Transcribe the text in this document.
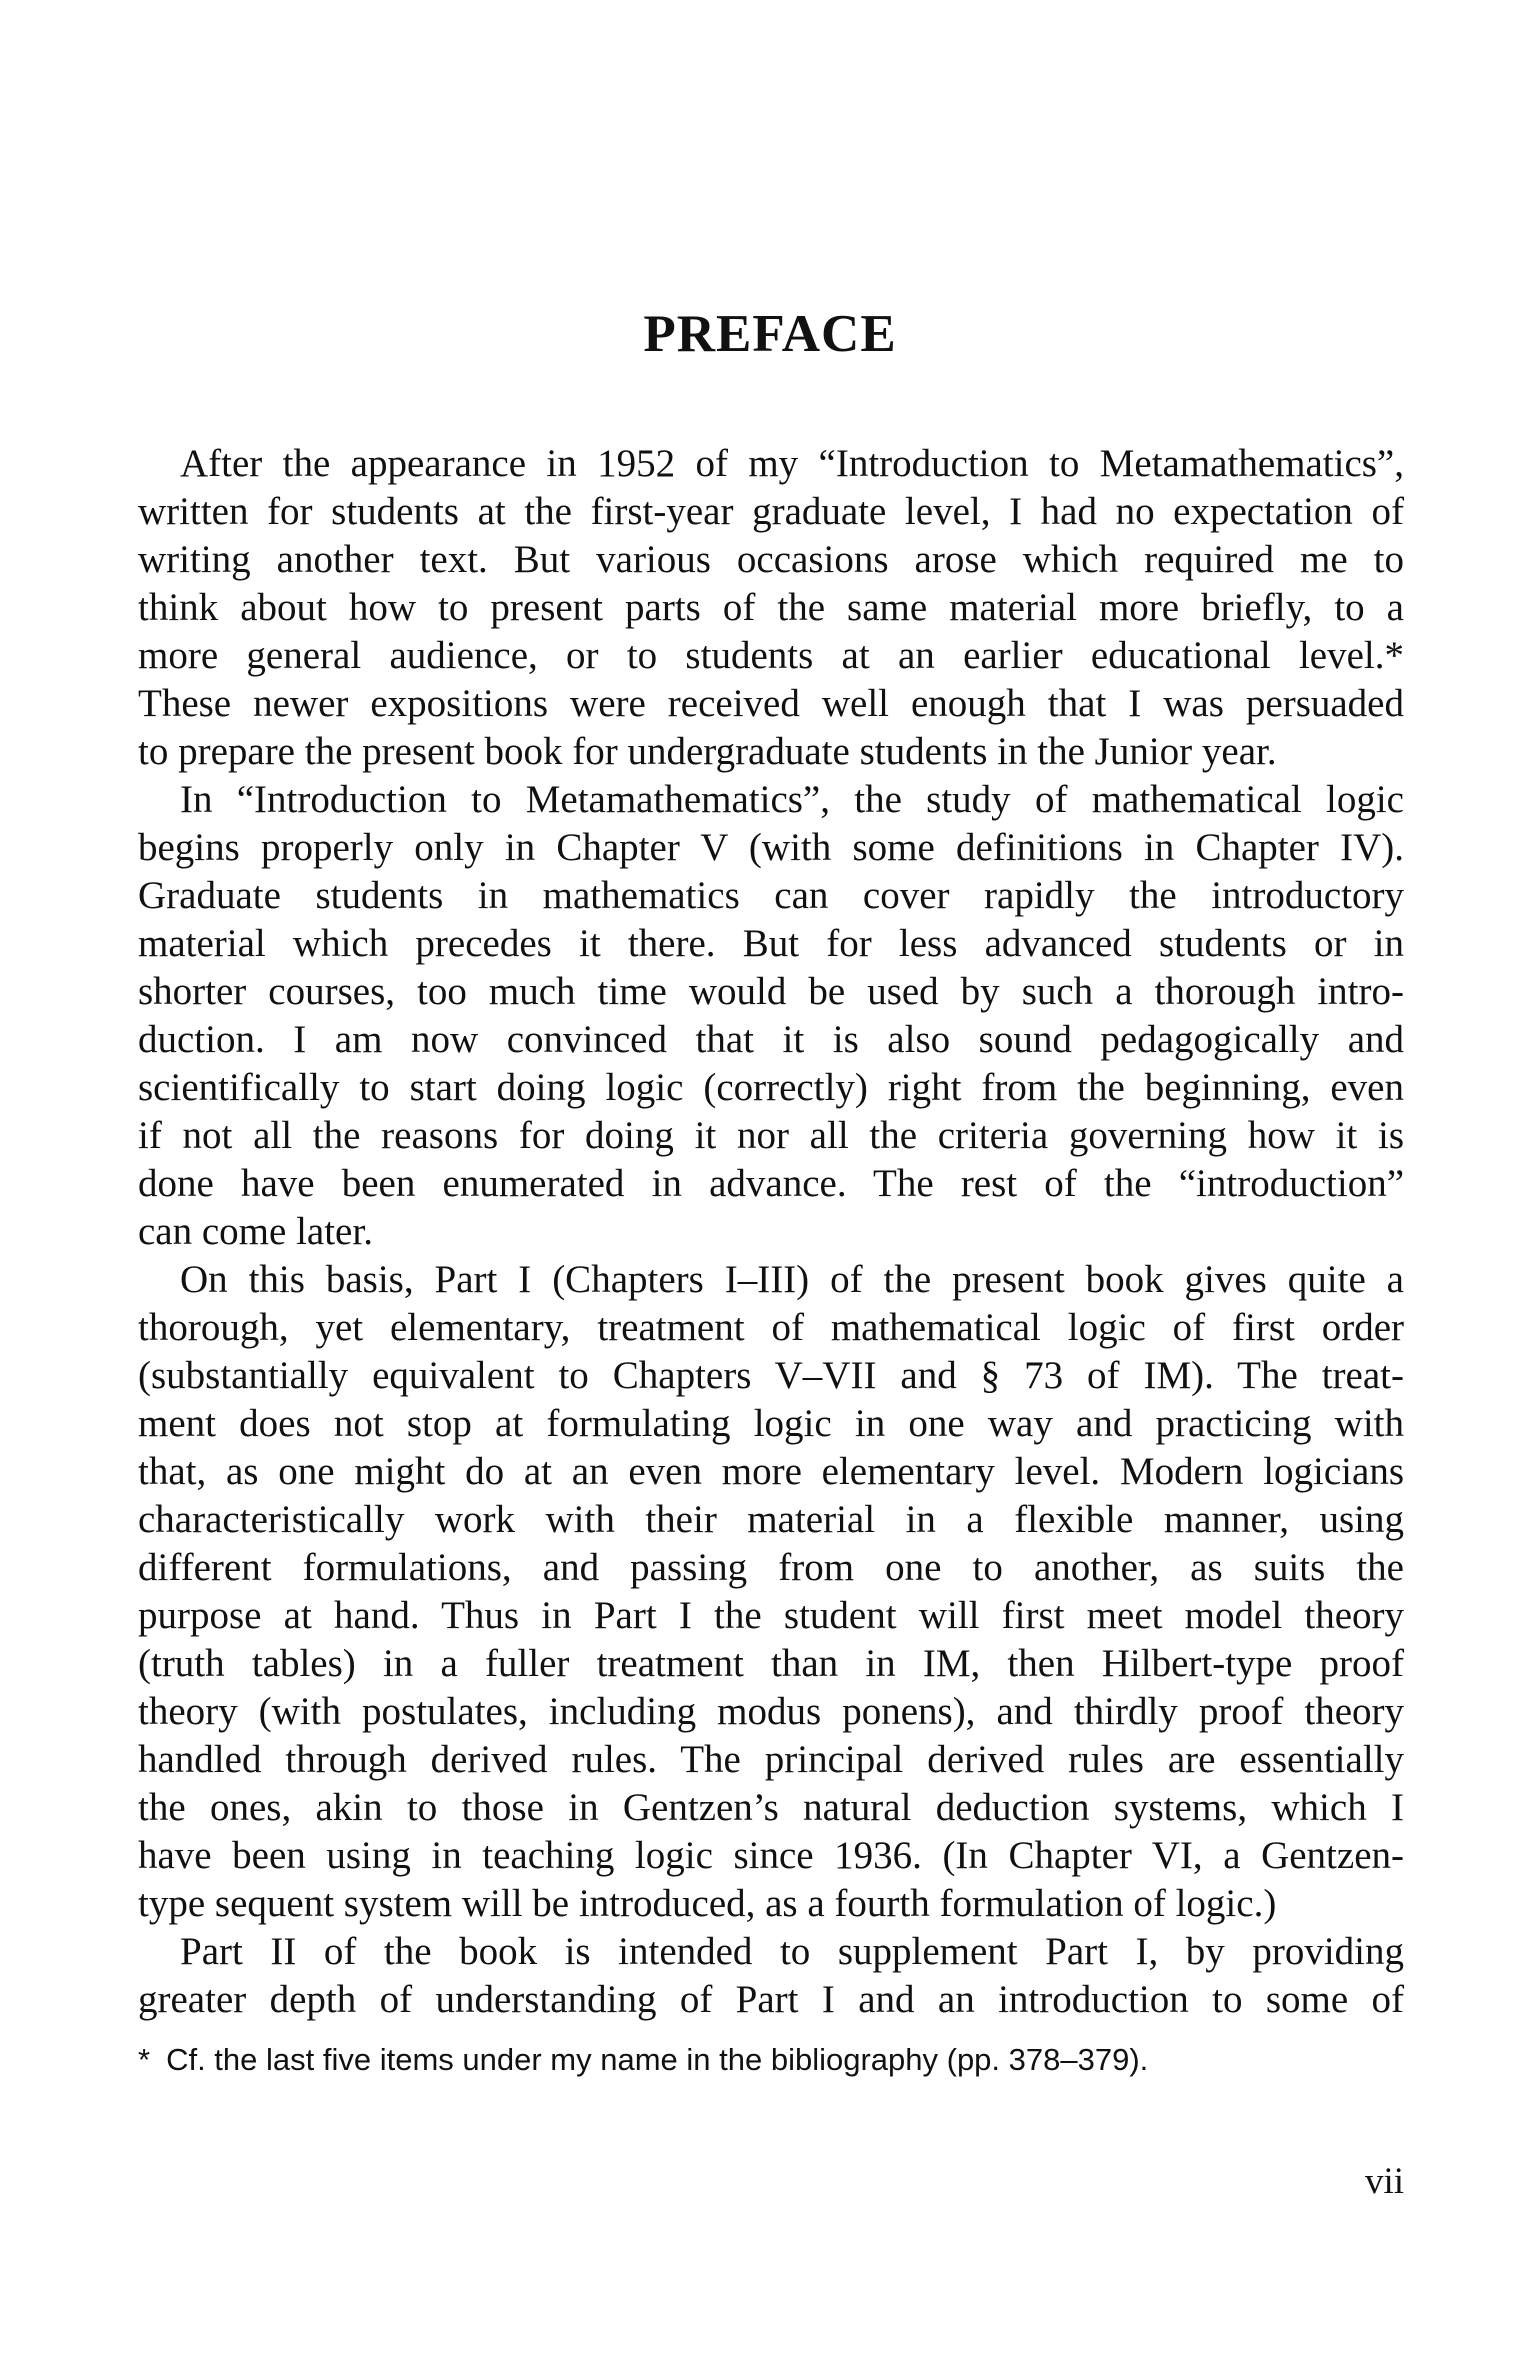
PREFACE
After the appearance in 1952 of my “Introduction to Metamathematics”,
written for students at the first-year graduate level, I had no expectation of
writing another text. But various occasions arose which required me to
think about how to present parts of the same material more briefly, to a
more general audience, or to students at an earlier educational level.*
These newer expositions were received well enough that I was persuaded
to prepare the present book for undergraduate students in the Junior year.
In “Introduction to Metamathematics”, the study of mathematical logic
begins properly only in Chapter V (with some definitions in Chapter IV).
Graduate students in mathematics can cover rapidly the introductory
material which precedes it there. But for less advanced students or in
shorter courses, too much time would be used by such a thorough intro-
duction. I am now convinced that it is also sound pedagogically and
scientifically to start doing logic (correctly) right from the beginning, even
if not all the reasons for doing it nor all the criteria governing how it is
done have been enumerated in advance. The rest of the “introduction”
can come later.
On this basis, Part I (Chapters I–III) of the present book gives quite a
thorough, yet elementary, treatment of mathematical logic of first order
(substantially equivalent to Chapters V–VII and § 73 of IM). The treat-
ment does not stop at formulating logic in one way and practicing with
that, as one might do at an even more elementary level. Modern logicians
characteristically work with their material in a flexible manner, using
different formulations, and passing from one to another, as suits the
purpose at hand. Thus in Part I the student will first meet model theory
(truth tables) in a fuller treatment than in IM, then Hilbert-type proof
theory (with postulates, including modus ponens), and thirdly proof theory
handled through derived rules. The principal derived rules are essentially
the ones, akin to those in Gentzen’s natural deduction systems, which I
have been using in teaching logic since 1936. (In Chapter VI, a Gentzen-
type sequent system will be introduced, as a fourth formulation of logic.)
Part II of the book is intended to supplement Part I, by providing
greater depth of understanding of Part I and an introduction to some of
* Cf. the last five items under my name in the bibliography (pp. 378–379).
vii
